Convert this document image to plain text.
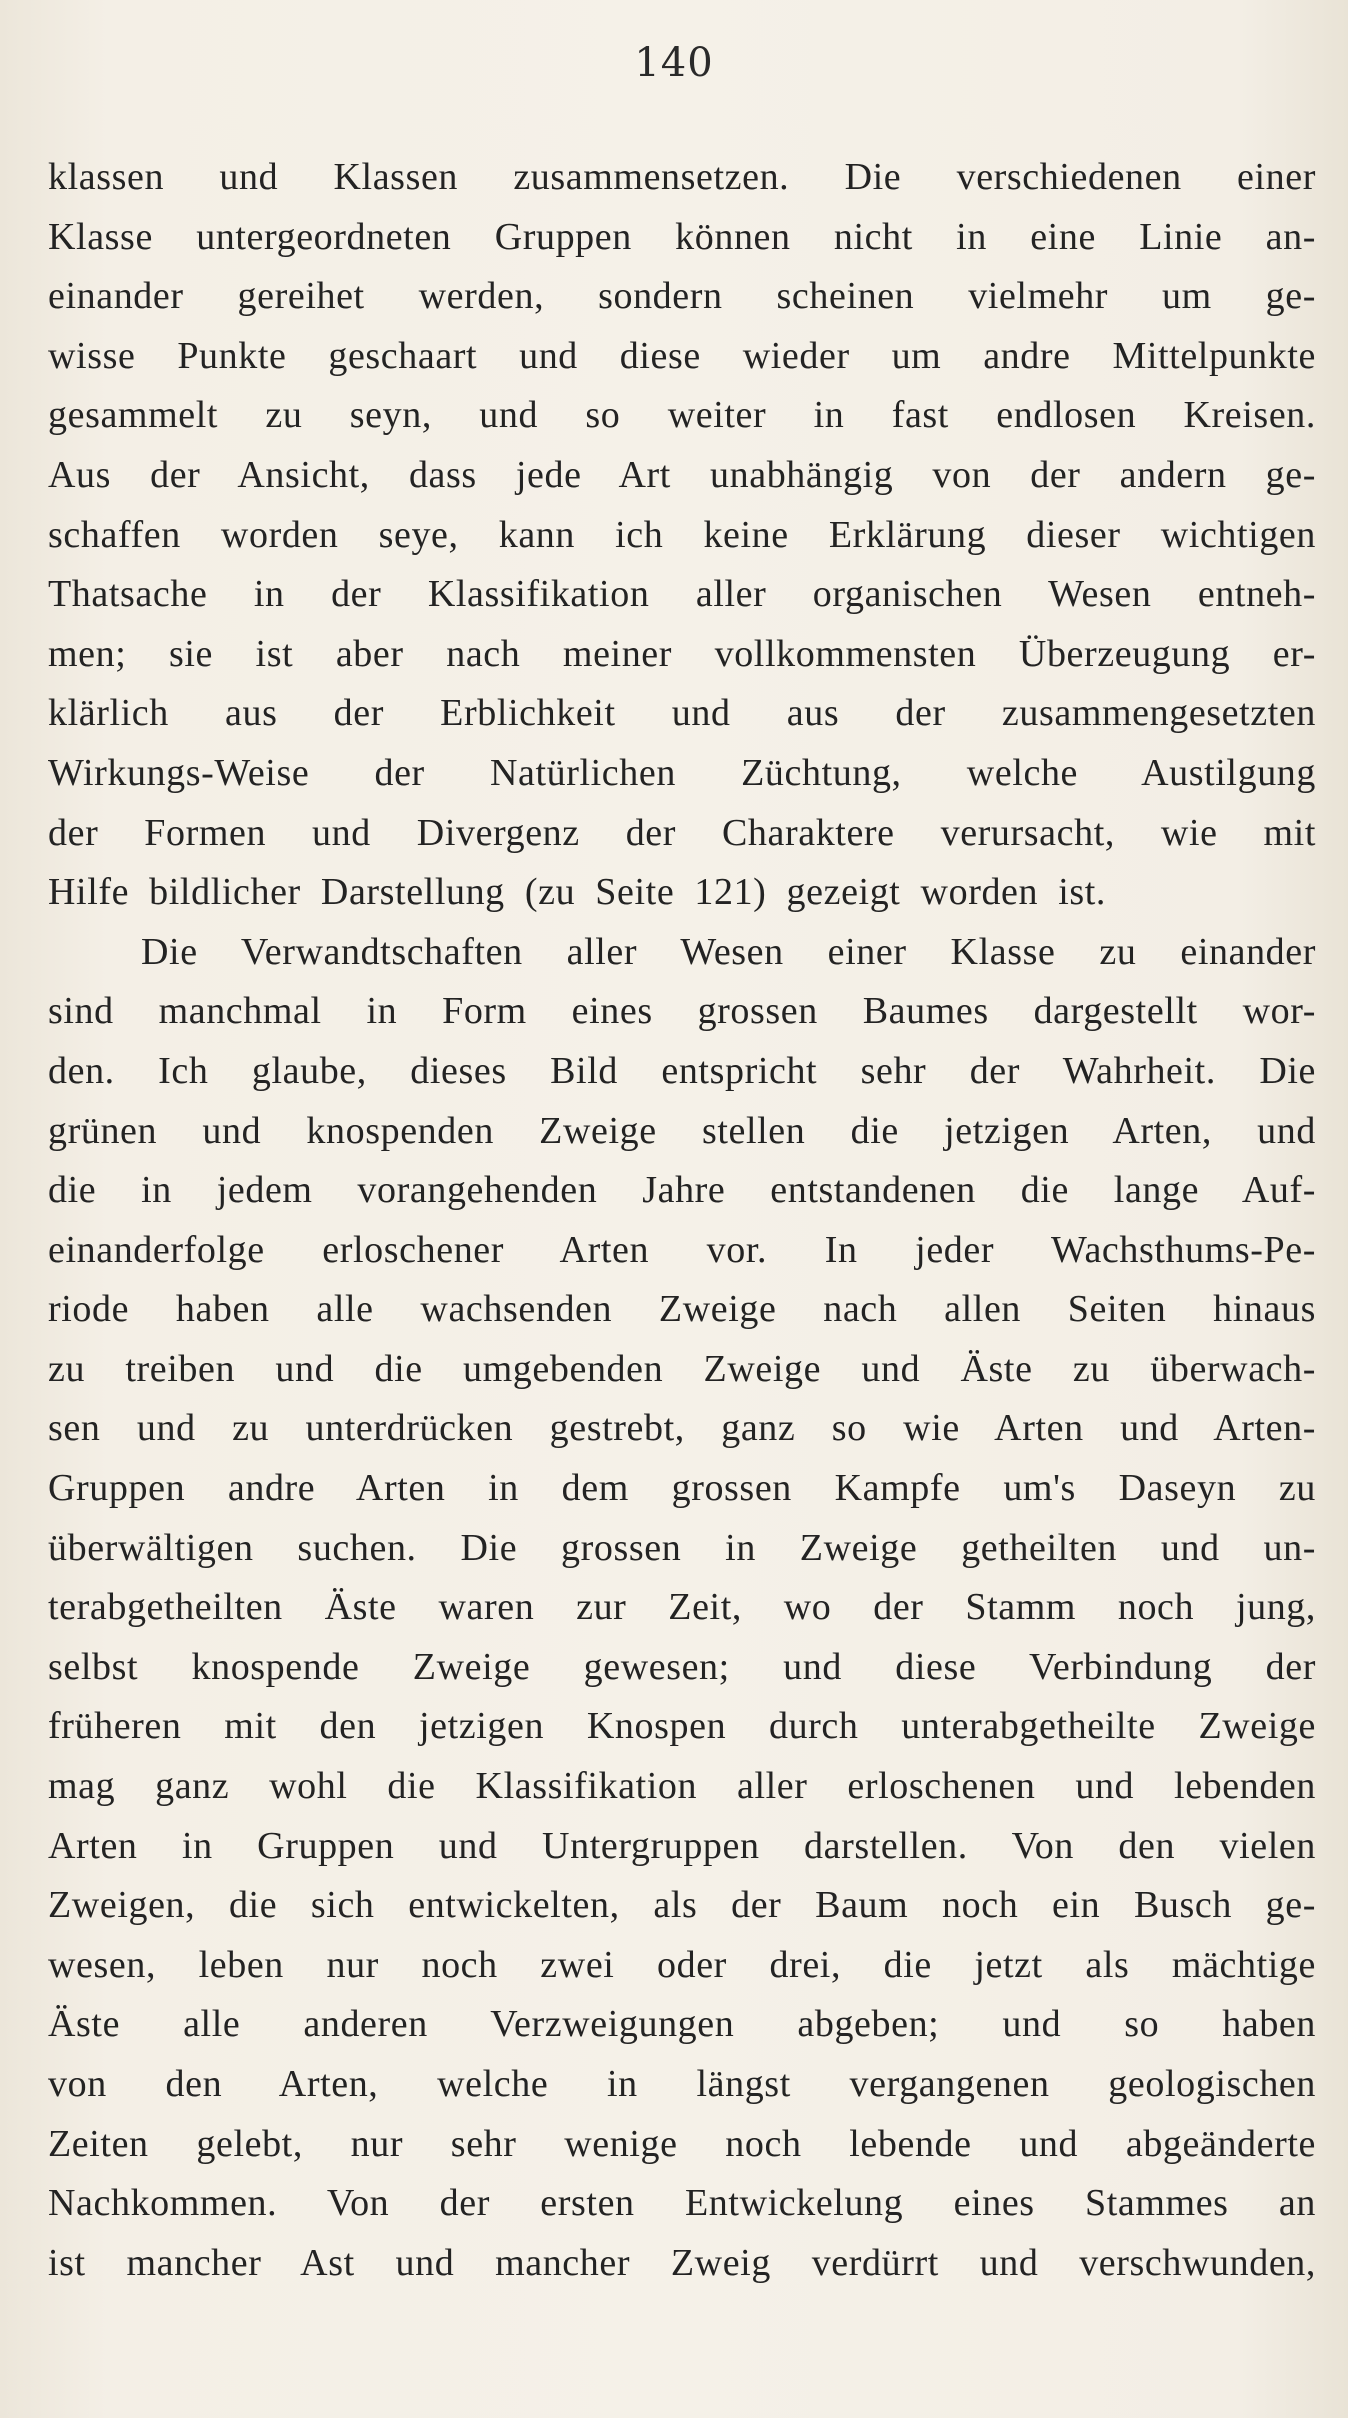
140
klassen und Klassen zusammensetzen. Die verschiedenen einer
Klasse untergeordneten Gruppen können nicht in eine Linie an-
einander gereihet werden, sondern scheinen vielmehr um ge-
wisse Punkte geschaart und diese wieder um andre Mittelpunkte
gesammelt zu seyn, und so weiter in fast endlosen Kreisen.
Aus der Ansicht, dass jede Art unabhängig von der andern ge-
schaffen worden seye, kann ich keine Erklärung dieser wichtigen
Thatsache in der Klassifikation aller organischen Wesen entneh-
men; sie ist aber nach meiner vollkommensten Überzeugung er-
klärlich aus der Erblichkeit und aus der zusammengesetzten
Wirkungs-Weise der Natürlichen Züchtung, welche Austilgung
der Formen und Divergenz der Charaktere verursacht, wie mit
Hilfe bildlicher Darstellung (zu Seite 121) gezeigt worden ist.
Die Verwandtschaften aller Wesen einer Klasse zu einander
sind manchmal in Form eines grossen Baumes dargestellt wor-
den. Ich glaube, dieses Bild entspricht sehr der Wahrheit. Die
grünen und knospenden Zweige stellen die jetzigen Arten, und
die in jedem vorangehenden Jahre entstandenen die lange Auf-
einanderfolge erloschener Arten vor. In jeder Wachsthums-Pe-
riode haben alle wachsenden Zweige nach allen Seiten hinaus
zu treiben und die umgebenden Zweige und Äste zu überwach-
sen und zu unterdrücken gestrebt, ganz so wie Arten und Arten-
Gruppen andre Arten in dem grossen Kampfe um's Daseyn zu
überwältigen suchen. Die grossen in Zweige getheilten und un-
terabgetheilten Äste waren zur Zeit, wo der Stamm noch jung,
selbst knospende Zweige gewesen; und diese Verbindung der
früheren mit den jetzigen Knospen durch unterabgetheilte Zweige
mag ganz wohl die Klassifikation aller erloschenen und lebenden
Arten in Gruppen und Untergruppen darstellen. Von den vielen
Zweigen, die sich entwickelten, als der Baum noch ein Busch ge-
wesen, leben nur noch zwei oder drei, die jetzt als mächtige
Äste alle anderen Verzweigungen abgeben; und so haben
von den Arten, welche in längst vergangenen geologischen
Zeiten gelebt, nur sehr wenige noch lebende und abgeänderte
Nachkommen. Von der ersten Entwickelung eines Stammes an
ist mancher Ast und mancher Zweig verdürrt und verschwunden,
